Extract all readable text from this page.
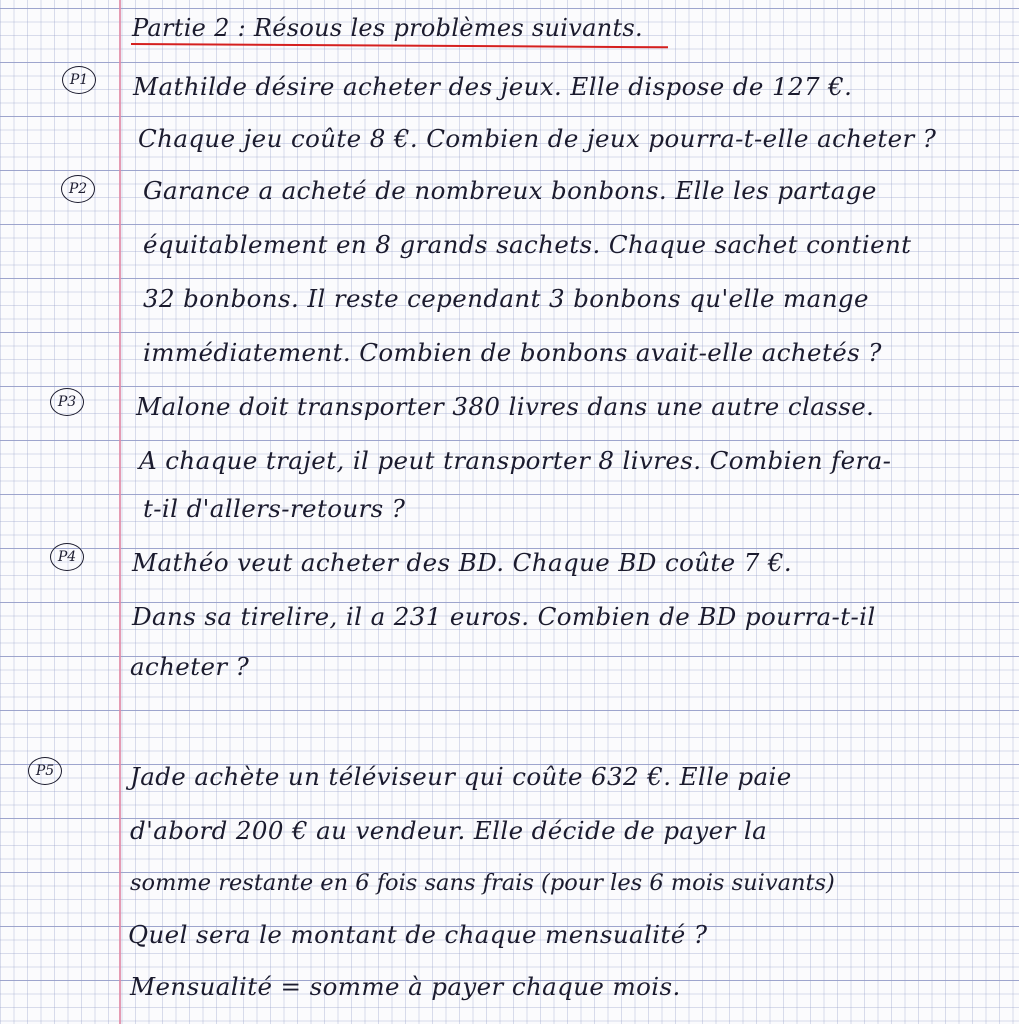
Partie 2 : Résous les problèmes suivants.
P1	Mathilde désire acheter des jeux. Elle dispose de 127 €.
Chaque jeu coûte 8 €. Combien de jeux pourra-t-elle acheter ?
P2	Garance a acheté de nombreux bonbons. Elle les partage
équitablement en 8 grands sachets. Chaque sachet contient
32 bonbons. Il reste cependant 3 bonbons qu'elle mange
immédiatement. Combien de bonbons avait-elle achetés ?
P3	Malone doit transporter 380 livres dans une autre classe.
A chaque trajet, il peut transporter 8 livres. Combien fera-
t-il d'allers-retours ?
P4	Mathéo veut acheter des BD. Chaque BD coûte 7 €.
Dans sa tirelire, il a 231 euros. Combien de BD pourra-t-il
acheter ?
P5	Jade achète un téléviseur qui coûte 632 €. Elle paie
d'abord 200 € au vendeur. Elle décide de payer la
somme restante en 6 fois sans frais (pour les 6 mois suivants)
Quel sera le montant de chaque mensualité ?
Mensualité = somme à payer chaque mois.
